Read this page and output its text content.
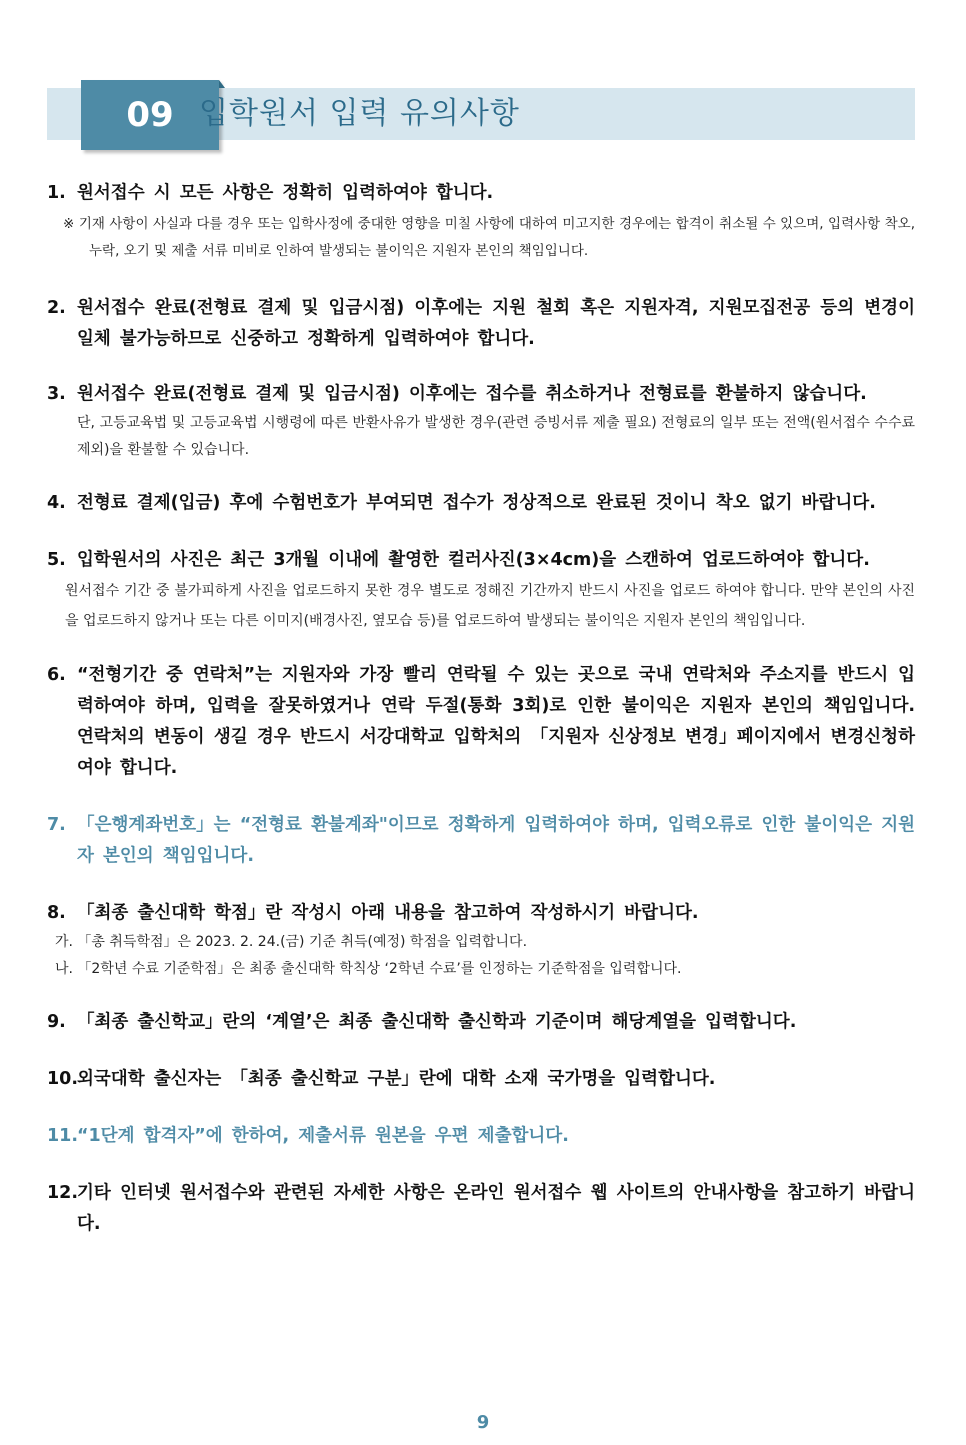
09 입학원서 입력 유의사항
1. 원서접수 시 모든 사항은 정확히 입력하여야 합니다.
※ 기재 사항이 사실과 다를 경우 또는 입학사정에 중대한 영향을 미칠 사항에 대하여 미고지한 경우에는 합격이 취소될 수 있으며, 입력사항 착오, 누락, 오기 및 제출 서류 미비로 인하여 발생되는 불이익은 지원자 본인의 책임입니다.
2. 원서접수 완료(전형료 결제 및 입금시점) 이후에는 지원 철회 혹은 지원자격, 지원모집전공 등의 변경이 일체 불가능하므로 신중하고 정확하게 입력하여야 합니다.
3. 원서접수 완료(전형료 결제 및 입금시점) 이후에는 접수를 취소하거나 전형료를 환불하지 않습니다.
단, 고등교육법 및 고등교육법 시행령에 따른 반환사유가 발생한 경우(관련 증빙서류 제출 필요) 전형료의 일부 또는 전액(원서접수 수수료 제외)을 환불할 수 있습니다.
4. 전형료 결제(입금) 후에 수험번호가 부여되면 접수가 정상적으로 완료된 것이니 착오 없기 바랍니다.
5. 입학원서의 사진은 최근 3개월 이내에 촬영한 컬러사진(3×4cm)을 스캔하여 업로드하여야 합니다.
원서접수 기간 중 불가피하게 사진을 업로드하지 못한 경우 별도로 정해진 기간까지 반드시 사진을 업로드 하여야 합니다. 만약 본인의 사진을 업로드하지 않거나 또는 다른 이미지(배경사진, 옆모습 등)를 업로드하여 발생되는 불이익은 지원자 본인의 책임입니다.
6. “전형기간 중 연락처”는 지원자와 가장 빨리 연락될 수 있는 곳으로 국내 연락처와 주소지를 반드시 입력하여야 하며, 입력을 잘못하였거나 연락 두절(통화 3회)로 인한 불이익은 지원자 본인의 책임입니다. 연락처의 변동이 생길 경우 반드시 서강대학교 입학처의 「지원자 신상정보 변경」페이지에서 변경신청하여야 합니다.
7. 「은행계좌번호」는 “전형료 환불계좌"이므로 정확하게 입력하여야 하며, 입력오류로 인한 불이익은 지원자 본인의 책임입니다.
8. 「최종 출신대학 학점」란 작성시 아래 내용을 참고하여 작성하시기 바랍니다.
가. 「총 취득학점」은 2023. 2. 24.(금) 기준 취득(예정) 학점을 입력합니다.
나. 「2학년 수료 기준학점」은 최종 출신대학 학칙상 ‘2학년 수료’를 인정하는 기준학점을 입력합니다.
9. 「최종 출신학교」란의 ‘계열’은 최종 출신대학 출신학과 기준이며 해당계열을 입력합니다.
10.외국대학 출신자는 「최종 출신학교 구분」란에 대학 소재 국가명을 입력합니다.
11.“1단계 합격자”에 한하여, 제출서류 원본을 우편 제출합니다.
12.기타 인터넷 원서접수와 관련된 자세한 사항은 온라인 원서접수 웹 사이트의 안내사항을 참고하기 바랍니다.
9
